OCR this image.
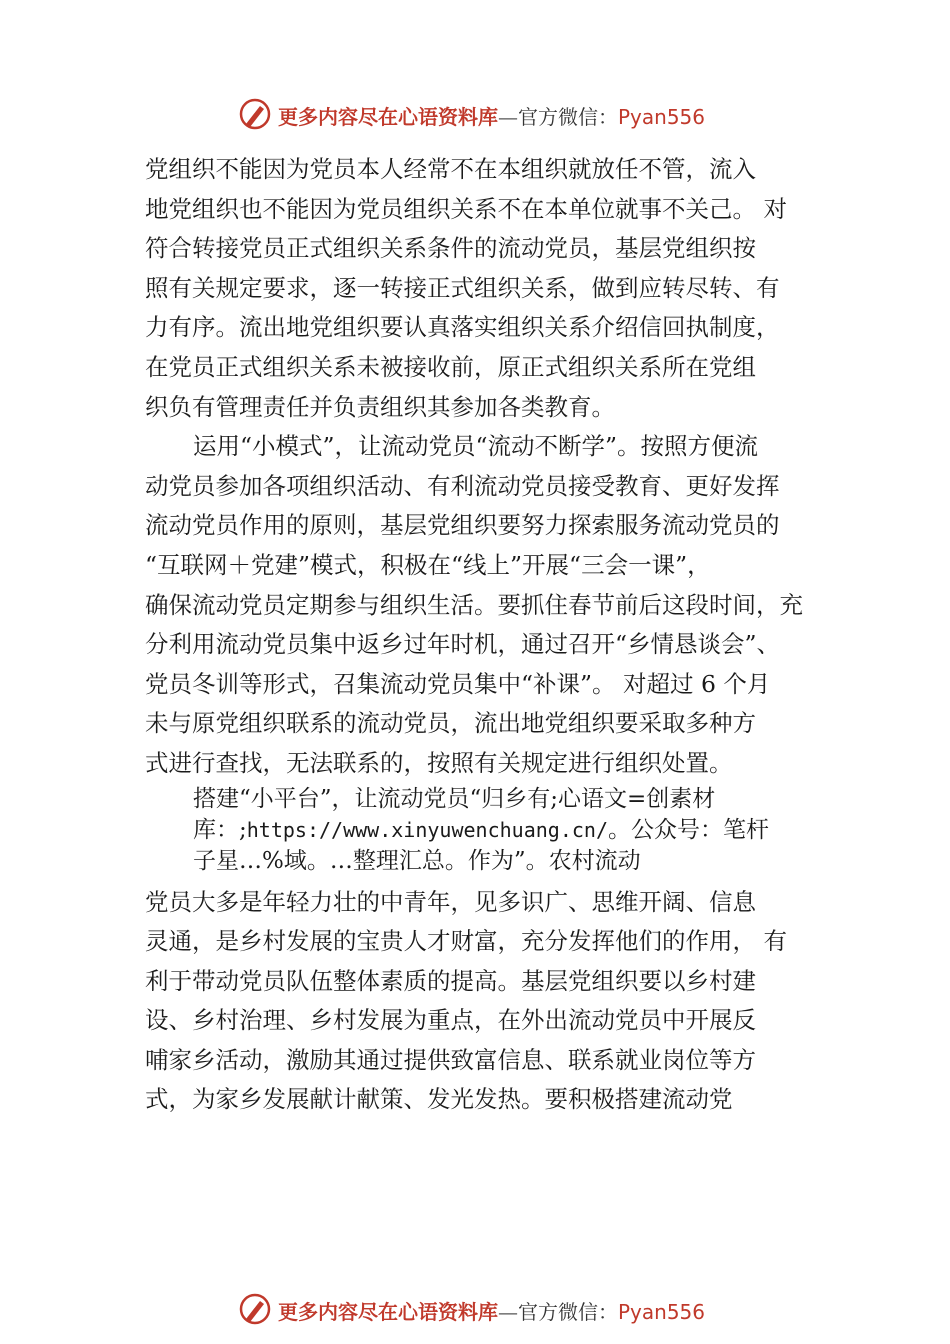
更多内容尽在心语资料库—官方微信：Pyan556
党组织不能因为党员本人经常不在本组织就放任不管，流入
地党组织也不能因为党员组织关系不在本单位就事不关己。 对
符合转接党员正式组织关系条件的流动党员，基层党组织按
照有关规定要求，逐一转接正式组织关系，做到应转尽转、有
力有序。流出地党组织要认真落实组织关系介绍信回执制度，
在党员正式组织关系未被接收前，原正式组织关系所在党组
织负有管理责任并负责组织其参加各类教育。
运用“小模式”，让流动党员“流动不断学”。按照方便流
动党员参加各项组织活动、有利流动党员接受教育、更好发挥
流动党员作用的原则，基层党组织要努力探索服务流动党员的
“互联网＋党建”模式，积极在“线上”开展“三会一课”，
确保流动党员定期参与组织生活。要抓住春节前后这段时间，充
分利用流动党员集中返乡过年时机，通过召开“乡情恳谈会”、
党员冬训等形式，召集流动党员集中“补课”。 对超过 6 个月
未与原党组织联系的流动党员，流出地党组织要采取多种方
式进行查找，无法联系的，按照有关规定进行组织处置。
搭建“小平台”，让流动党员“归乡有;心语文=创素材
库：;https://www.xinyuwenchuang.cn/。公众号：笔杆
子星…%域。…整理汇总。作为”。农村流动
党员大多是年轻力壮的中青年，见多识广、思维开阔、信息
灵通，是乡村发展的宝贵人才财富，充分发挥他们的作用， 有
利于带动党员队伍整体素质的提高。基层党组织要以乡村建
设、乡村治理、乡村发展为重点，在外出流动党员中开展反
哺家乡活动，激励其通过提供致富信息、联系就业岗位等方
式，为家乡发展献计献策、发光发热。要积极搭建流动党
更多内容尽在心语资料库—官方微信：Pyan556
